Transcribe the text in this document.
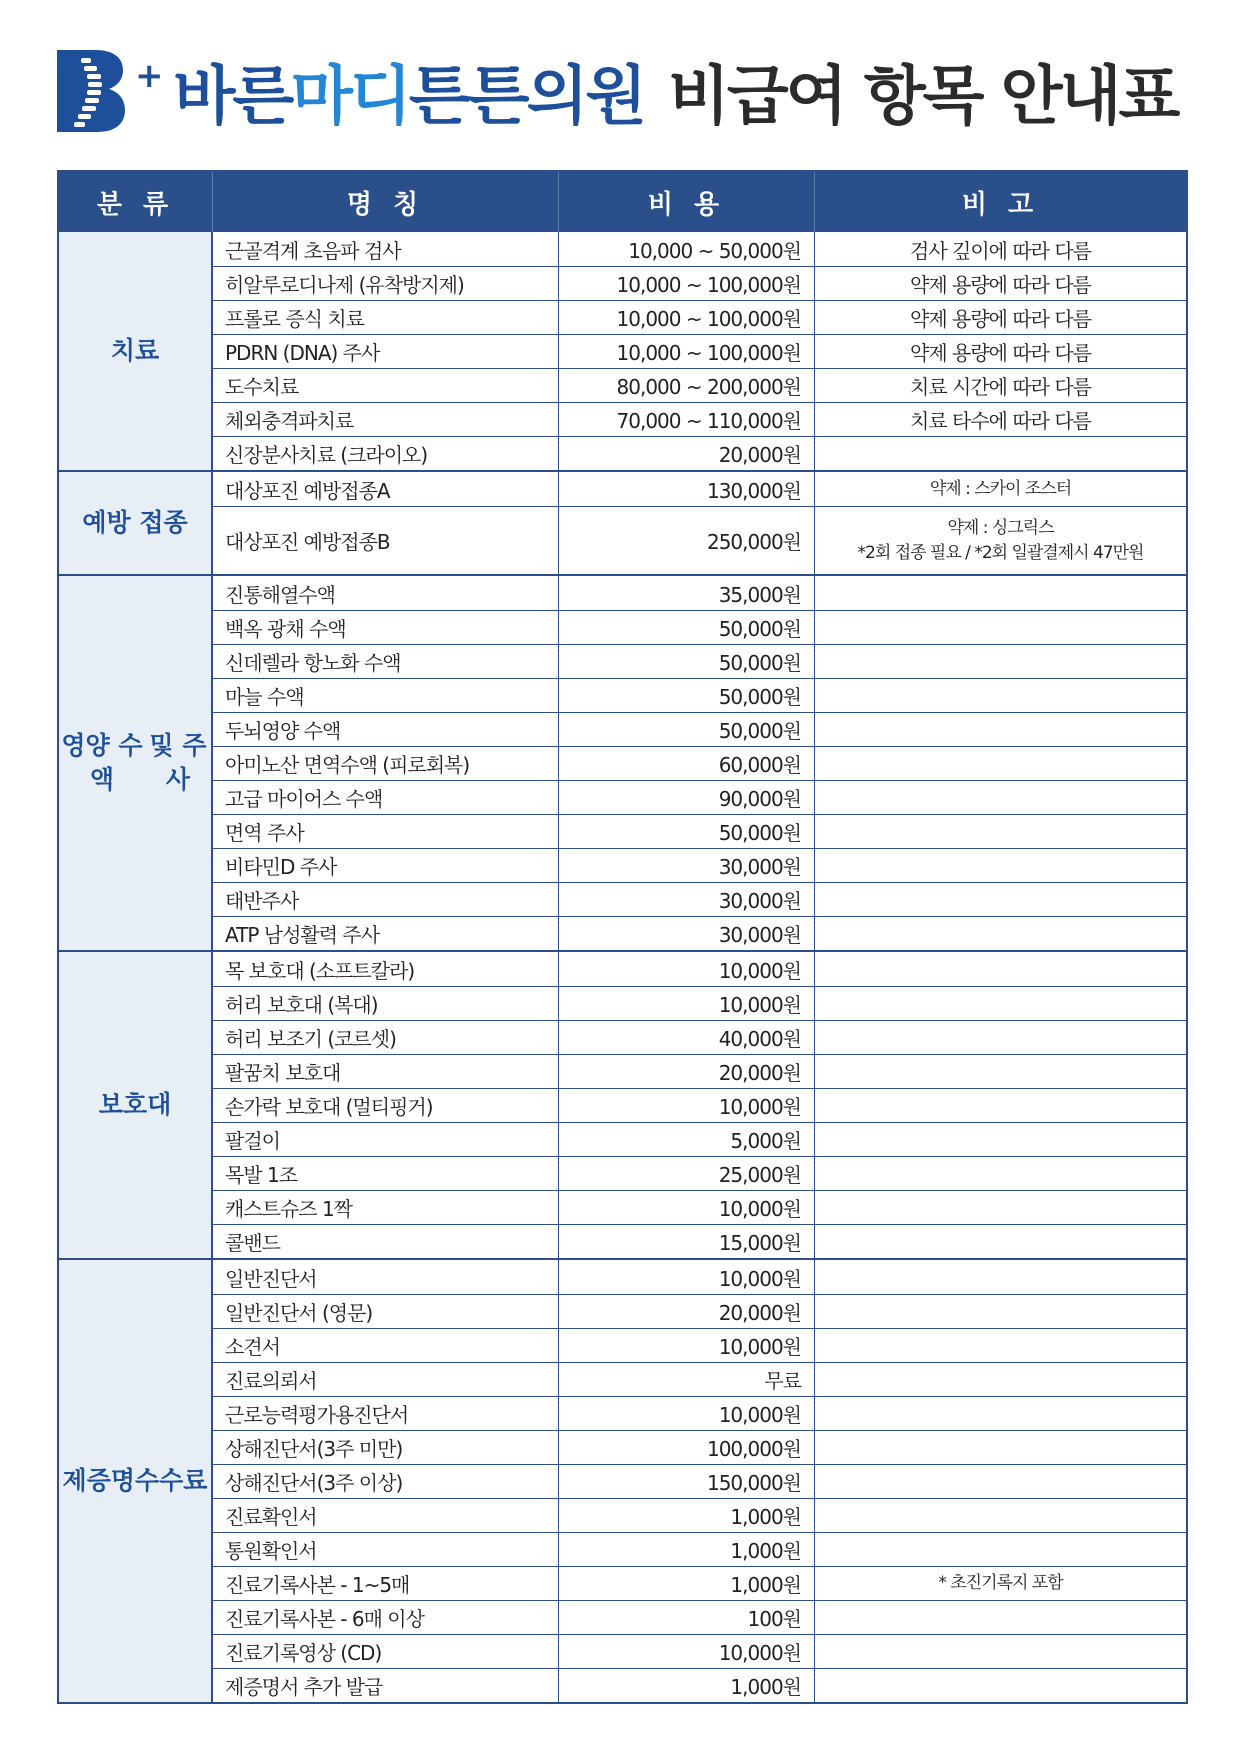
+ 바른마디튼튼의원 비급여 항목 안내표
분 류	명 칭	비 용	비 고
치료
근골격계 초음파 검사	10,000 ~ 50,000원	검사 깊이에 따라 다름
히알루로디나제 (유착방지제)	10,000 ~ 100,000원	약제 용량에 따라 다름
프롤로 증식 치료	10,000 ~ 100,000원	약제 용량에 따라 다름
PDRN (DNA) 주사	10,000 ~ 100,000원	약제 용량에 따라 다름
도수치료	80,000 ~ 200,000원	치료 시간에 따라 다름
체외충격파치료	70,000 ~ 110,000원	치료 타수에 따라 다름
신장분사치료 (크라이오)	20,000원
예방 접종
대상포진 예방접종A	130,000원	약제 : 스카이 조스터
대상포진 예방접종B	250,000원
약제 : 싱그릭스
*2회 접종 필요 / *2회 일괄결제시 47만원
영양 수액

및 주사
진통해열수액	35,000원
백옥 광채 수액	50,000원
신데렐라 항노화 수액	50,000원
마늘 수액	50,000원
두뇌영양 수액	50,000원
아미노산 면역수액 (피로회복)	60,000원
고급 마이어스 수액	90,000원
면역 주사	50,000원
비타민D 주사	30,000원
태반주사	30,000원
ATP 남성활력 주사	30,000원
보호대
목 보호대 (소프트칼라)	10,000원
허리 보호대 (복대)	10,000원
허리 보조기 (코르셋)	40,000원
팔꿈치 보호대	20,000원
손가락 보호대 (멀티핑거)	10,000원
팔걸이	5,000원
목발 1조	25,000원
캐스트슈즈 1짝	10,000원
콜밴드	15,000원
제증명 수수료
일반진단서	10,000원
일반진단서 (영문)	20,000원
소견서	10,000원
진료의뢰서	무료
근로능력평가용진단서	10,000원
상해진단서(3주 미만)	100,000원
상해진단서(3주 이상)	150,000원
진료확인서	1,000원
통원확인서	1,000원
진료기록사본 - 1~5매	1,000원	* 초진기록지 포함
진료기록사본 - 6매 이상	100원
진료기록영상 (CD)	10,000원
제증명서 추가 발급	1,000원
